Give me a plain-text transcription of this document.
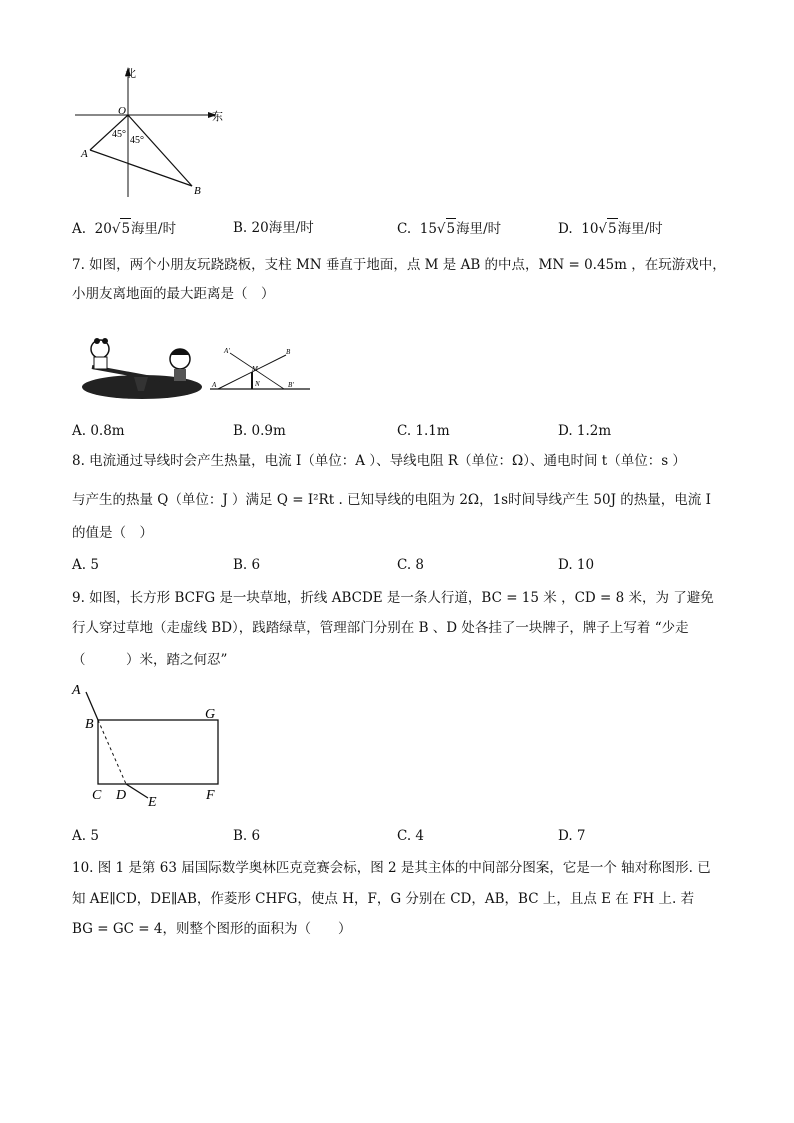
北
东
O
A
B
45°
45°
A. 20√5海里/时	B. 20海里/时	C. 15√5海里/时	D. 10√5海里/时
7. 如图，两个小朋友玩跷跷板，支柱 MN 垂直于地面，点 M 是 AB 的中点，MN = 0.45m ，在玩游戏中，
小朋友离地面的最大距离是（　）
A′	B
M
N
A	B′
A. 0.8m	B. 0.9m	C. 1.1m	D. 1.2m
8. 电流通过导线时会产生热量，电流 I（单位：A ）、导线电阻 R（单位：Ω）、通电时间 t（单位：s ）
与产生的热量 Q（单位：J ）满足 Q = I²Rt . 已知导线的电阻为 2Ω，1s时间导线产生 50J 的热量，电流 I
的值是（　）
A. 5	B. 6	C. 8	D. 10
9. 如图，长方形 BCFG 是一块草地，折线 ABCDE 是一条人行道，BC = 15 米 ，CD = 8 米，为 了避免
行人穿过草地（走虚线 BD），践踏绿草，管理部门分别在 B 、D 处各挂了一块牌子，牌子上写着 “少走
（　　　）米，踏之何忍”
A
B
G
C D E	F
A. 5	B. 6	C. 4	D. 7
10. 图 1 是第 63 届国际数学奥林匹克竞赛会标，图 2 是其主体的中间部分图案，它是一个 轴对称图形. 已
知 AE∥CD，DE∥AB，作菱形 CHFG，使点 H，F，G 分别在 CD，AB，BC 上，且点 E 在 FH 上. 若
BG = GC = 4，则整个图形的面积为（　　）
